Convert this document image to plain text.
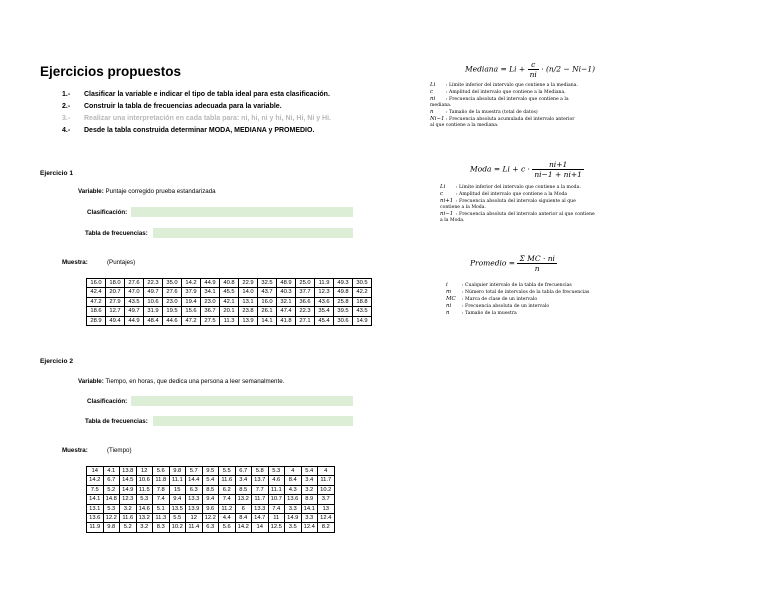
Ejercicios propuestos
1.-	Clasificar la variable e indicar el tipo de tabla ideal para esta clasificación.
2.-	Construir la tabla de frecuencias adecuada para la variable.
3.-	Realizar una interpretación en cada tabla para: ni, hi, ni y hi, Ni, Hi, Ni y Hi.
4.-	Desde la tabla construida determinar MODA, MEDIANA y PROMEDIO.
Ejercicio 1
Variable: Puntaje corregido prueba estandarizada
Clasificación:
Tabla de frecuencias:
Muestra:	(Puntajes)
16.0	18.0	27.6	22.3	35.0	14.2	44.9	40.8	22.9	32.5	48.9	25.0	11.9	49.3	30.5
42.4	20.7	47.0	49.7	27.6	37.9	34.1	45.5	14.0	43.7	40.3	37.7	12.3	49.8	42.2
47.2	27.9	43.5	10.6	23.0	19.4	23.0	42.1	13.1	16.0	32.1	36.6	43.6	25.8	18.8
18.6	12.7	49.7	31.9	19.5	15.6	36.7	20.1	23.8	26.1	47.4	22.3	35.4	39.5	43.5
28.9	49.4	44.9	48.4	44.6	47.2	27.5	11.3	13.9	14.1	41.8	27.1	45.4	30.6	14.9
Ejercicio 2
Variable: Tiempo, en horas, que dedica una persona a leer semanalmente.
Clasificación:
Tabla de frecuencias:
Muestra:	(Tiempo)
14	4.1	13.8	12	5.6	9.8	5.7	9.5	5.5	6.7	5.8	5.3	4	5.4	4
14.2	6.7	14.5	10.6	11.8	11.1	14.4	5.4	11.6	3.4	13.7	4.6	8.4	3.4	11.7
7.5	5.2	14.9	11.5	7.8	15	6.3	8.5	6.2	8.5	7.7	11.1	4.3	3.2	10.2
14.1	14.8	12.3	5.3	7.4	9.4	13.3	9.4	7.4	13.2	11.7	10.7	13.6	8.9	3.7
13.1	5.3	3.2	14.6	5.1	13.5	13.9	9.6	11.2	6	13.3	7.4	3.3	14.1	13
13.6	12.2	11.6	13.2	11.3	5.5	12	12.2	4.4	8.4	14.7	11	14.9	3.3	12.4
11.9	9.8	5.2	3.2	8.3	10.2	11.4	6.3	5.6	14.2	14	12.5	3.5	12.4	8.2
Mediana = $Li + \frac{c}{ni} \cdot (n/2 - Ni-1)$
Li : Límite inferior del intervalo que contiene a la mediana.
c	: Amplitud del intervalo que contiene a la Mediana.
ni : Frecuencia absoluta del intervalo que contiene a la mediana.
n	: Tamaño de la muestra (total de datos)
Ni−1 : Frecuencia absoluta acumulada del intervalo anterior al que contiene a la mediana.
Moda = $Li + c \cdot \frac{ni+1}{ni-1 + ni+1}$
Li : Límite inferior del intervalo que contiene a la moda.
c	: Amplitud del intervalo que contiene a la Moda
ni+1 : Frecuencia absoluta del intervalo siguiente al que contiene a la Moda.
ni−1 : Frecuencia absoluta del intervalo anterior al que contiene a la Moda.
Promedio = $\frac{\text{Σ MC · ni}}{n}$
i	: Cualquier intervalo de la tabla de frecuencias
m : Número total de intervalos de la tabla de frecuencias
MC : Marca de clase de un intervalo
ni : Frecuencia absoluta de un intervalo
n	: Tamaño de la muestra
